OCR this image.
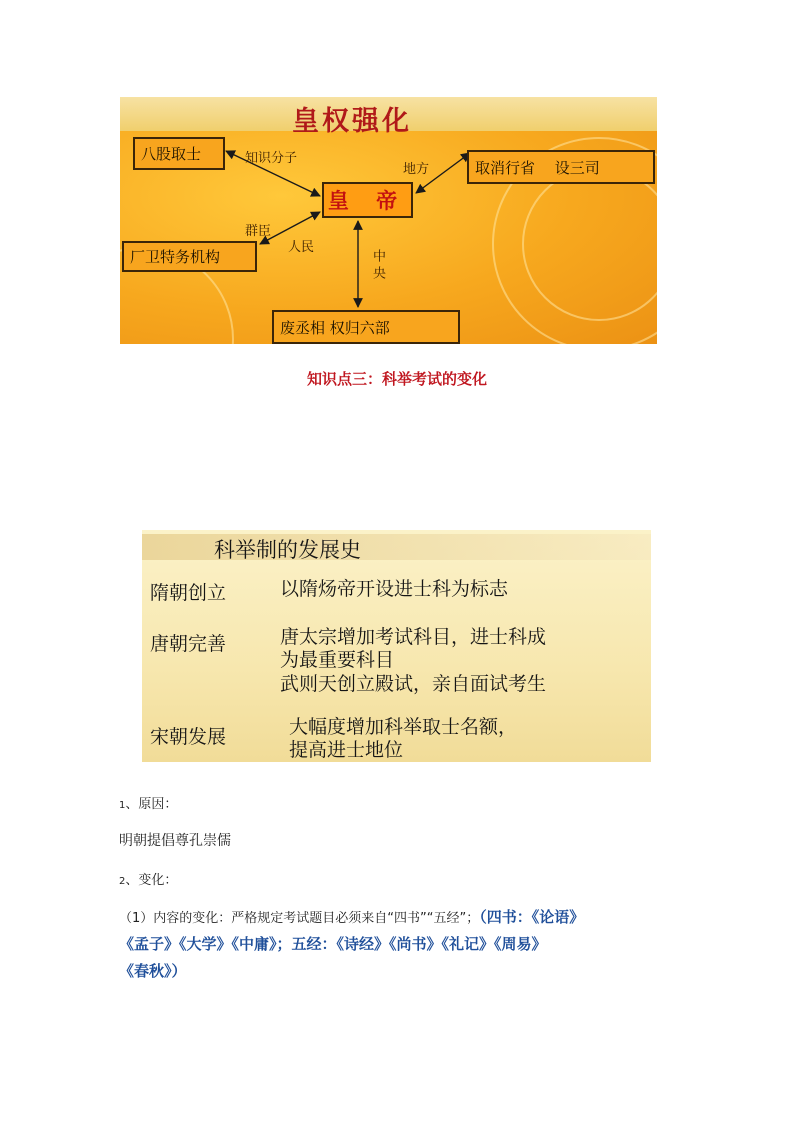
皇权强化
八股取士
取消行省　 设三司
皇 帝
厂卫特务机构
废丞相 权归六部
知识分子
地方
群臣
人民
中央
知识点三：科举考试的变化
科举制的发展史
隋朝创立	以隋炀帝开设进士科为标志
唐朝完善	唐太宗增加考试科目，进士科成
为最重要科目
武则天创立殿试，亲自面试考生
宋朝发展	大幅度增加科举取士名额，
提高进士地位
1、原因：
明朝提倡尊孔崇儒
2、变化：
（1）内容的变化：严格规定考试题目必须来自“四书”“五经”；（四书：《论语》
《孟子》《大学》《中庸》；五经：《诗经》《尚书》《礼记》《周易》
《春秋》）
